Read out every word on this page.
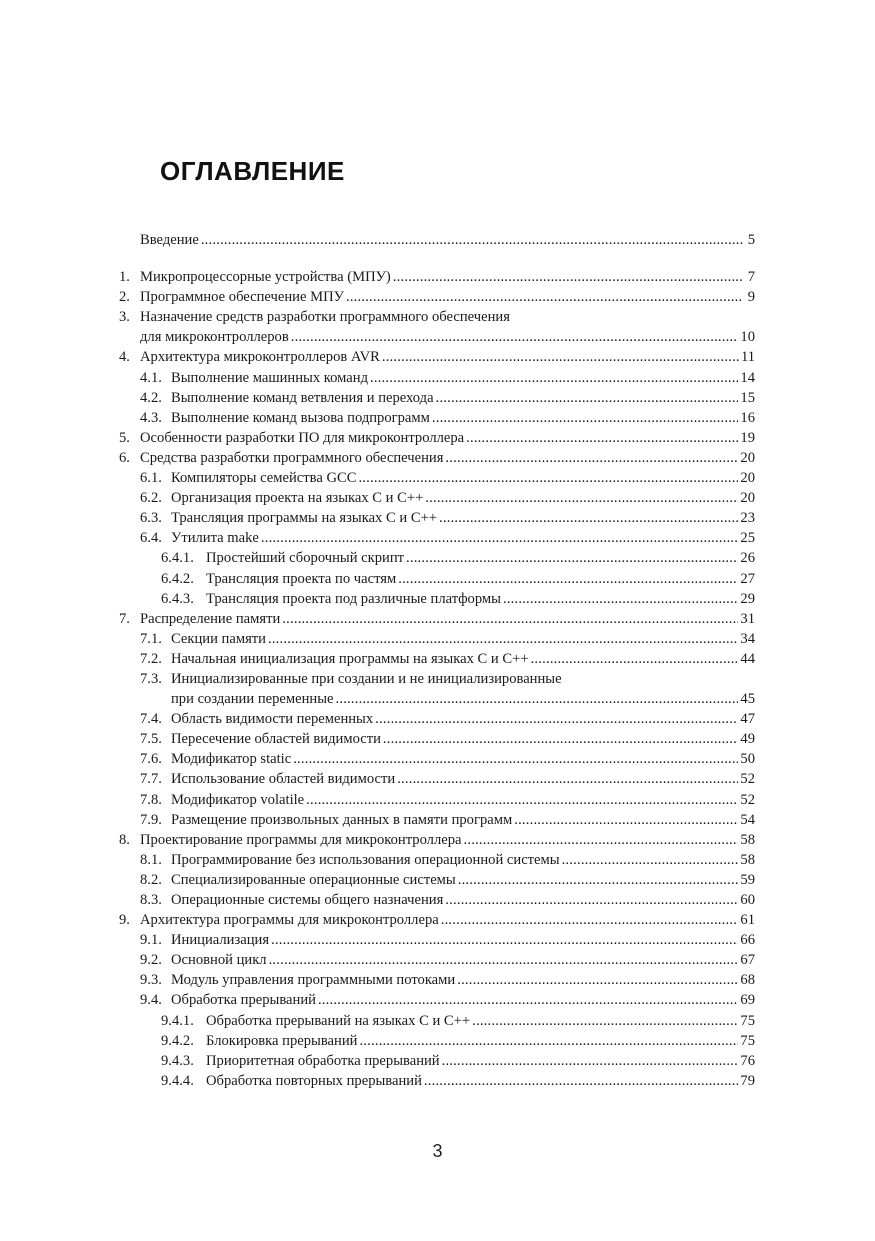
ОГЛАВЛЕНИЕ
Введение .....	5
1. Микропроцессорные устройства (МПУ) .....	7
2. Программное обеспечение МПУ .....	9
3. Назначение средств разработки программного обеспечения
для микроконтроллеров .....	10
4. Архитектура микроконтроллеров AVR .....	11
4.1. Выполнение машинных команд .....	14
4.2. Выполнение команд ветвления и перехода .....	15
4.3. Выполнение команд вызова подпрограмм .....	16
5. Особенности разработки ПО для микроконтроллера .....	19
6. Средства разработки программного обеспечения .....	20
6.1. Компиляторы семейства GCC .....	20
6.2. Организация проекта на языках C и C++ .....	20
6.3. Трансляция программы на языках C и C++ .....	23
6.4. Утилита make .....	25
6.4.1. Простейший сборочный скрипт .....	26
6.4.2. Трансляция проекта по частям .....	27
6.4.3. Трансляция проекта под различные платформы .....	29
7. Распределение памяти .....	31
7.1. Секции памяти .....	34
7.2. Начальная инициализация программы на языках C и C++ .....	44
7.3. Инициализированные при создании и не инициализированные
при создании переменные .....	45
7.4. Область видимости переменных .....	47
7.5. Пересечение областей видимости .....	49
7.6. Модификатор static .....	50
7.7. Использование областей видимости .....	52
7.8. Модификатор volatile .....	52
7.9. Размещение произвольных данных в памяти программ .....	54
8. Проектирование программы для микроконтроллера .....	58
8.1. Программирование без использования операционной системы .....	58
8.2. Специализированные операционные системы .....	59
8.3. Операционные системы общего назначения .....	60
9. Архитектура программы для микроконтроллера .....	61
9.1. Инициализация .....	66
9.2. Основной цикл .....	67
9.3. Модуль управления программными потоками .....	68
9.4. Обработка прерываний .....	69
9.4.1. Обработка прерываний на языках C и C++ .....	75
9.4.2. Блокировка прерываний .....	75
9.4.3. Приоритетная обработка прерываний .....	76
9.4.4. Обработка повторных прерываний .....	79
3
